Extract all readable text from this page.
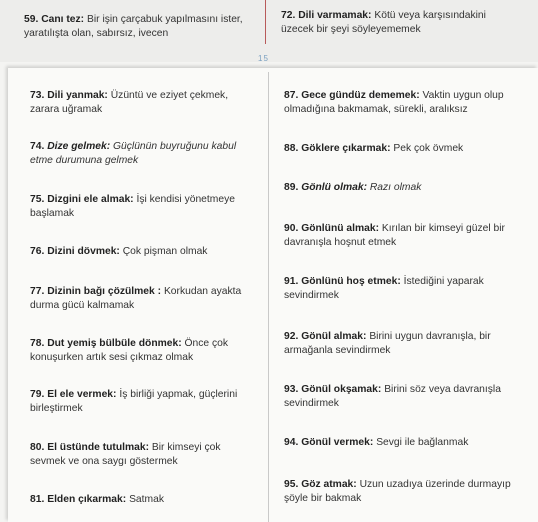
59. Canı tez: Bir işin çarçabuk yapılmasını ister, yaratılışta olan, sabırsız, ivecen
72. Dili varmamak: Kötü veya karşısındakini üzecek bir şeyi söyleyememek
15
73. Dili yanmak: Üzüntü ve eziyet çekmek, zarara uğramak
74. Dize gelmek: Güçlünün buyruğunu kabul etme durumuna gelmek
75. Dizgini ele almak: İşi kendisi yönetmeye başlamak
76. Dizini dövmek: Çok pişman olmak
77. Dizinin bağı çözülmek : Korkudan ayakta durma gücü kalmamak
78. Dut yemiş bülbüle dönmek: Önce çok konuşurken artık sesi çıkmaz olmak
79. El ele vermek: İş birliği yapmak, güçlerini birleştirmek
80. El üstünde tutulmak: Bir kimseyi çok sevmek ve ona saygı göstermek
81. Elden çıkarmak: Satmak
87. Gece gündüz dememek: Vaktin uygun olup olmadığına bakmamak, sürekli, aralıksız
88. Göklere çıkarmak: Pek çok övmek
89. Gönlü olmak: Razı olmak
90. Gönlünü almak: Kırılan bir kimseyi güzel bir davranışla hoşnut etmek
91. Gönlünü hoş etmek: İstediğini yaparak sevindirmek
92. Gönül almak: Birini uygun davranışla, bir armağanla sevindirmek
93. Gönül okşamak: Birini söz veya davranışla sevindirmek
94. Gönül vermek: Sevgi ile bağlanmak
95. Göz atmak: Uzun uzadıya üzerinde durmayıp şöyle bir bakmak
